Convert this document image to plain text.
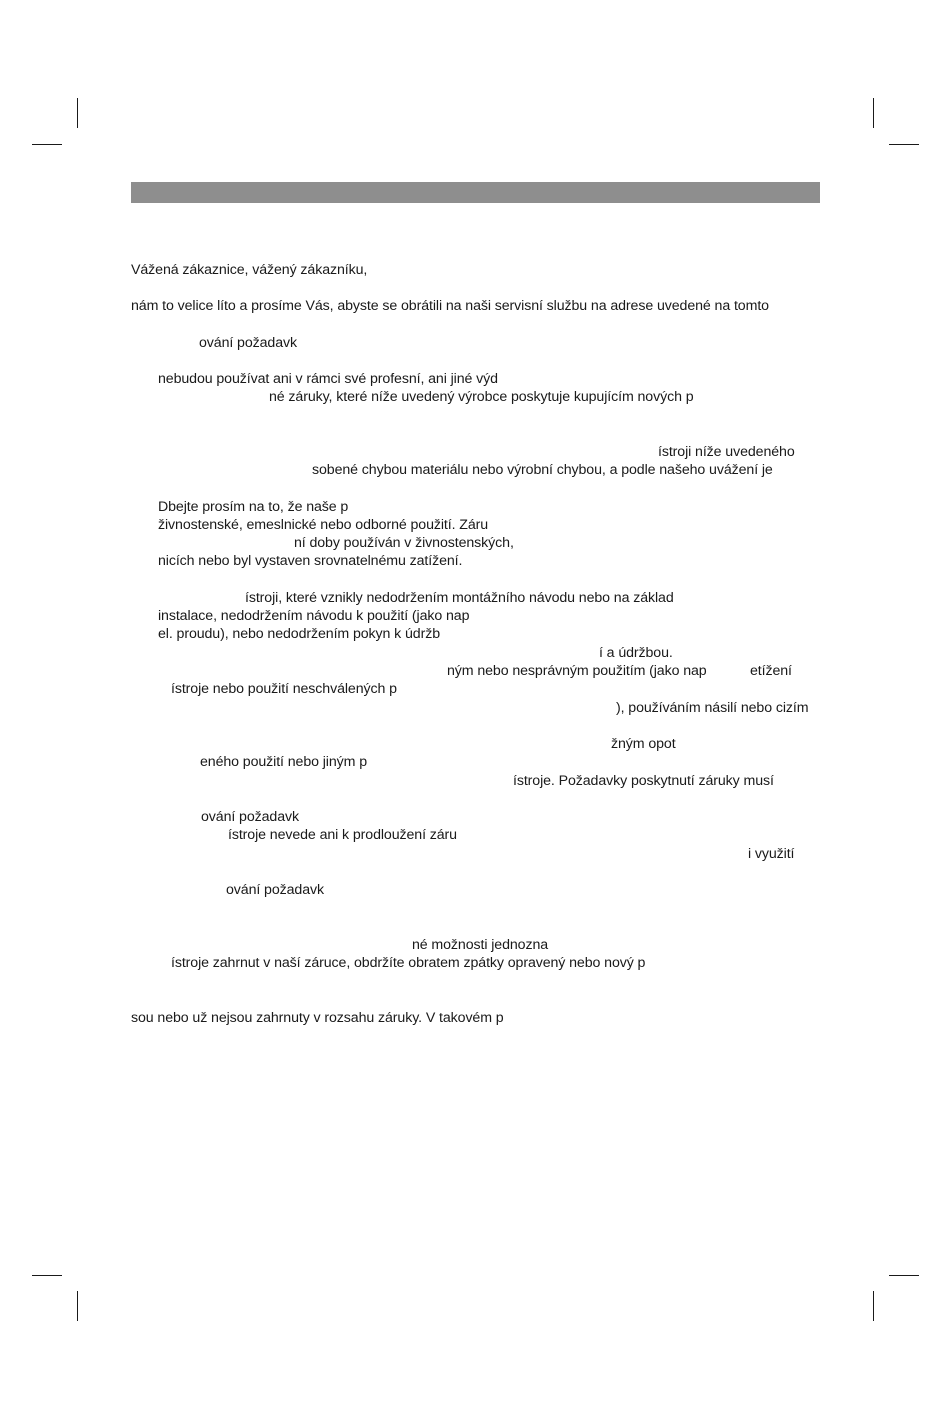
Vážená zákaznice, vážený zákazníku,
nám to velice líto a prosíme Vás, abyste se obrátili na naši servisní službu na adrese uvedené na tomto
ování požadavk
nebudou používat ani v rámci své profesní, ani jiné výd
né záruky, které níže uvedený výrobce poskytuje kupujícím nových p
ístroji níže uvedeného
sobené chybou materiálu nebo výrobní chybou, a podle našeho uvážení je
Dbejte prosím na to, že naše p
živnostenské, emeslnické nebo odborné použití. Záru
ní doby používán v živnostenských,
nicích nebo byl vystaven srovnatelnému zatížení.
ístroji, které vznikly nedodržením montážního návodu nebo na základ
instalace, nedodržením návodu k použití (jako nap
el. proudu), nebo nedodržením pokyn k údržb
í a údržbou.
ným nebo nesprávným použitím (jako nap	etížení
ístroje nebo použití neschválených p
), používáním násilí nebo cizím
žným opot
eného použití nebo jiným p
ístroje. Požadavky poskytnutí záruky musí
ování požadavk
ístroje nevede ani k prodloužení záru
i využití
ování požadavk
né možnosti jednozna
ístroje zahrnut v naší záruce, obdržíte obratem zpátky opravený nebo nový p
sou nebo už nejsou zahrnuty v rozsahu záruky. V takovém p
